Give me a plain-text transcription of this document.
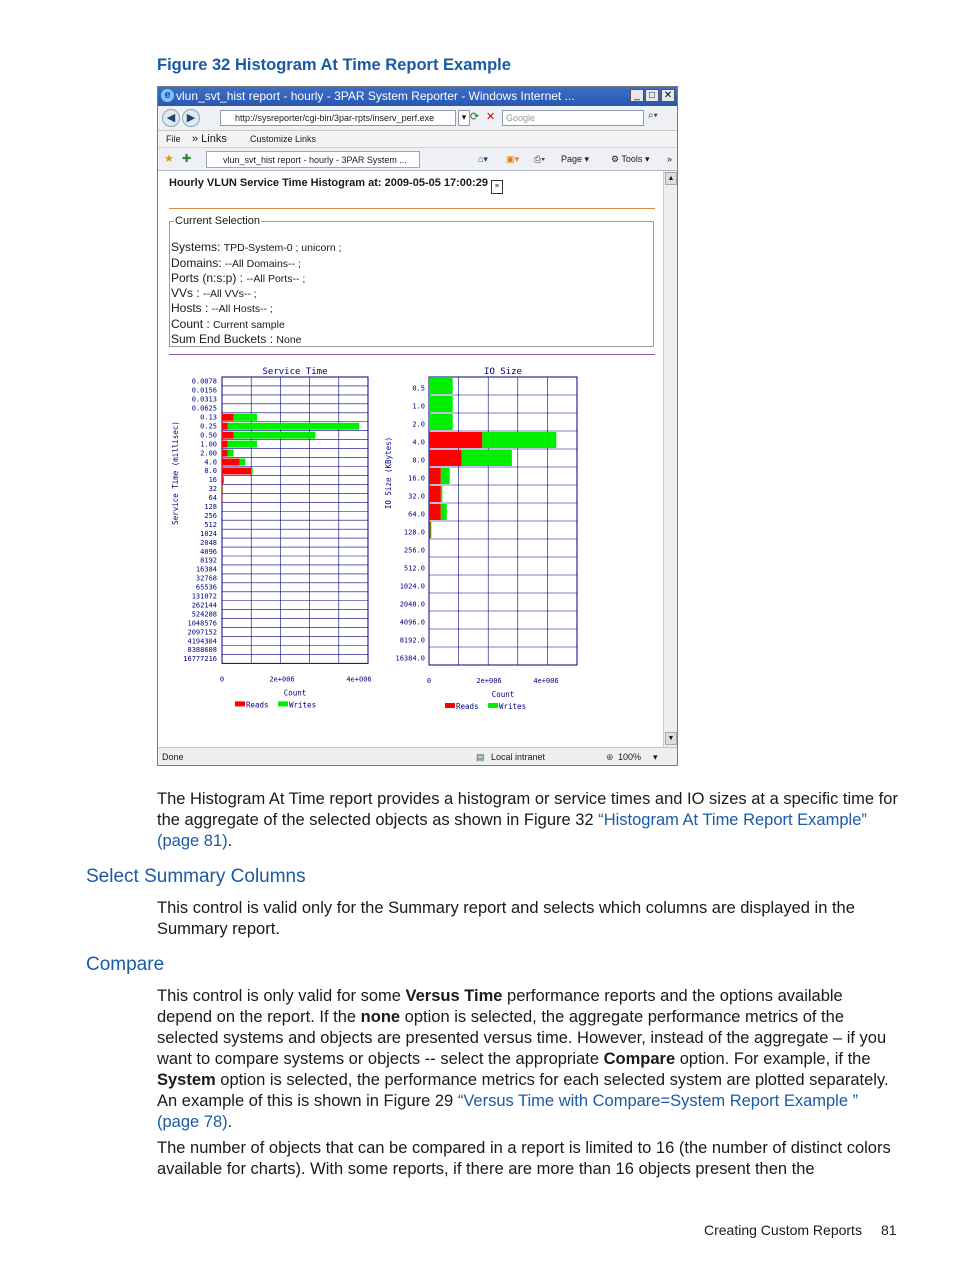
Figure 32 Histogram At Time Report Example
e vlun_svt_hist report - hourly - 3PAR System Reporter - Windows Internet ...	_ □ ✕
◀	▶	http://sysreporter/cgi-bin/3par-rpts/inserv_perf.exe	▾ ⟳ ✕	Google	⌕▾
File » Links	Customize Links
★ ✚	vlun_svt_hist report - hourly - 3PAR System ...	⌂▾ ▣▾ ⎙▾ Page ▾ ⚙ Tools ▾ »
Hourly VLUN Service Time Histogram at: 2009-05-05 17:00:29 ≡
Current Selection
Systems: TPD-System-0 ; unicorn ;
Domains: --All Domains-- ;
Ports (n:s:p) : --All Ports-- ;
VVs : --All VVs-- ;
Hosts : --All Hosts-- ;
Count : Current sample
Sum End Buckets : None
Service Time
0.0078
0.0156
0.0313
0.0625
0.13
0.25
0.50
1.00
2.00
4.0
8.0
16
32
64
128
256
512
1024
2048
4096
8192
16384
32768
65536
131072
262144
524288
1048576
2097152
4194304
8388608
16777216
Service Time (millisec)
0	2e+006	4e+006
Count
Reads	Writes
IO Size
0.5
1.0
2.0
4.0
8.0
16.0
32.0
64.0
128.0
256.0
512.0
1024.0
2048.0
4096.0
8192.0
16384.0
IO Size (KBytes)
0	2e+006	4e+006
Count
Reads	Writes
▲
▼
Done	▤ Local intranet	⊕ 100% ▾
The Histogram At Time report provides a histogram or service times and IO sizes at a specific time for the aggregate of the selected objects as shown in Figure 32 “Histogram At Time Report Example” (page 81).
Select Summary Columns
This control is valid only for the Summary report and selects which columns are displayed in the Summary report.
Compare
This control is only valid for some Versus Time performance reports and the options available depend on the report. If the none option is selected, the aggregate performance metrics of the selected systems and objects are presented versus time. However, instead of the aggregate – if you want to compare systems or objects -- select the appropriate Compare option. For example, if the System option is selected, the performance metrics for each selected system are plotted separately. An example of this is shown in Figure 29 “Versus Time with Compare=System Report Example ” (page 78).
The number of objects that can be compared in a report is limited to 16 (the number of distinct colors available for charts). With some reports, if there are more than 16 objects present then the
Creating Custom Reports 81
